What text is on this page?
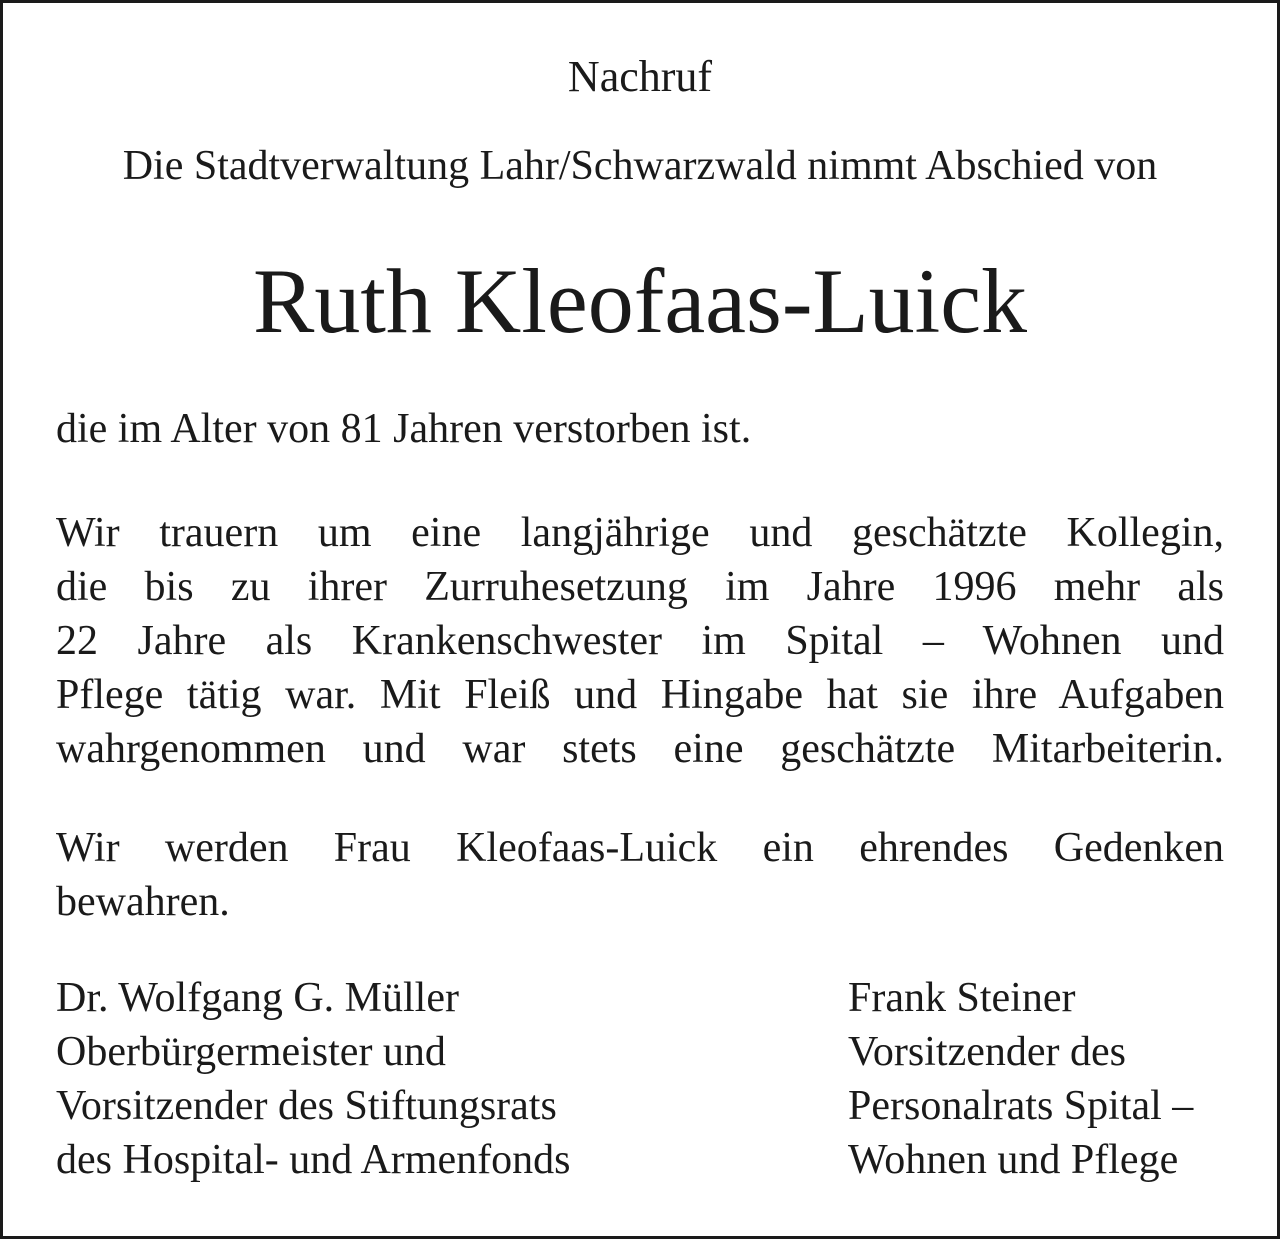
Nachruf
Die Stadtverwaltung Lahr/Schwarzwald nimmt Abschied von
Ruth Kleofaas-Luick
die im Alter von 81 Jahren verstorben ist.
Wir trauern um eine langjährige und geschätzte Kollegin,
die bis zu ihrer Zurruhesetzung im Jahre 1996 mehr als
22 Jahre als Krankenschwester im Spital – Wohnen und
Pflege tätig war. Mit Fleiß und Hingabe hat sie ihre Aufgaben
wahrgenommen und war stets eine geschätzte Mitarbeiterin.
Wir werden Frau Kleofaas-Luick ein ehrendes Gedenken
bewahren.
Dr. Wolfgang G. Müller
Oberbürgermeister und
Vorsitzender des Stiftungsrats
des Hospital- und Armenfonds
Frank Steiner
Vorsitzender des
Personalrats Spital –
Wohnen und Pflege
